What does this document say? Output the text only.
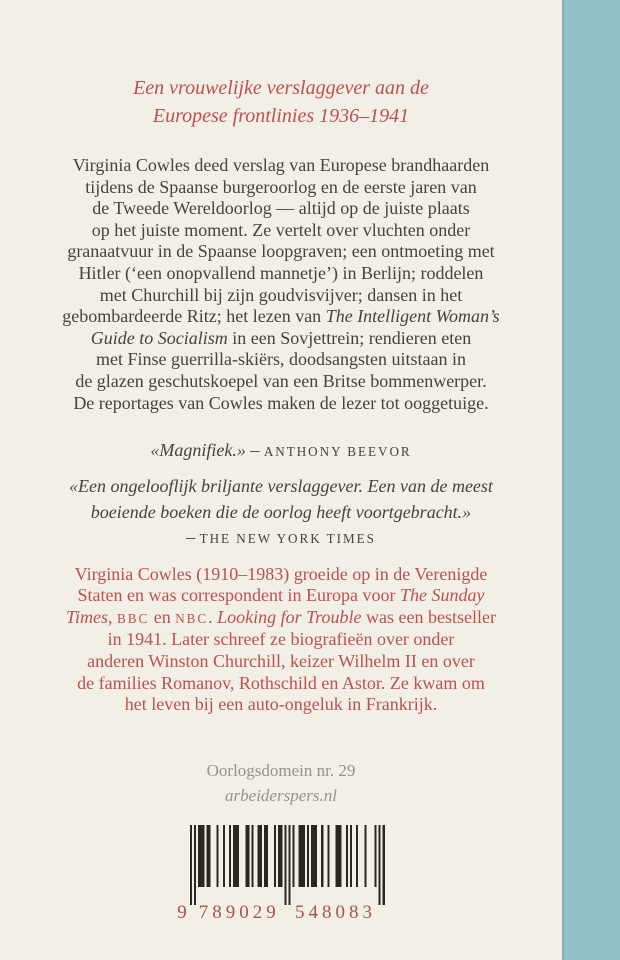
Een vrouwelijke verslaggever aan de
Europese frontlinies 1936–1941
Virginia Cowles deed verslag van Europese brandhaarden
tijdens de Spaanse burgeroorlog en de eerste jaren van
de Tweede Wereldoorlog — altijd op de juiste plaats
op het juiste moment. Ze vertelt over vluchten onder
granaatvuur in de Spaanse loopgraven; een ontmoeting met
Hitler (‘een onopvallend mannetje’) in Berlijn; roddelen
met Churchill bij zijn goudvisvijver; dansen in het
gebombardeerde Ritz; het lezen van The Intelligent Woman’s
Guide to Socialism in een Sovjettrein; rendieren eten
met Finse guerrilla-skiërs, doodsangsten uitstaan in
de glazen geschutskoepel van een Britse bommenwerper.
De reportages van Cowles maken de lezer tot ooggetuige.
«Magnifiek.» – ANTHONY BEEVOR
«Een ongelooflijk briljante verslaggever. Een van de meest
boeiende boeken die de oorlog heeft voortgebracht.»
– THE NEW YORK TIMES
Virginia Cowles (1910–1983) groeide op in de Verenigde
Staten en was correspondent in Europa voor The Sunday
Times, BBC en NBC. Looking for Trouble was een bestseller
in 1941. Later schreef ze biografieën over onder
anderen Winston Churchill, keizer Wilhelm II en over
de families Romanov, Rothschild en Astor. Ze kwam om
het leven bij een auto-ongeluk in Frankrijk.
Oorlogsdomein nr. 29
arbeiderspers.nl
9 789029 548083
